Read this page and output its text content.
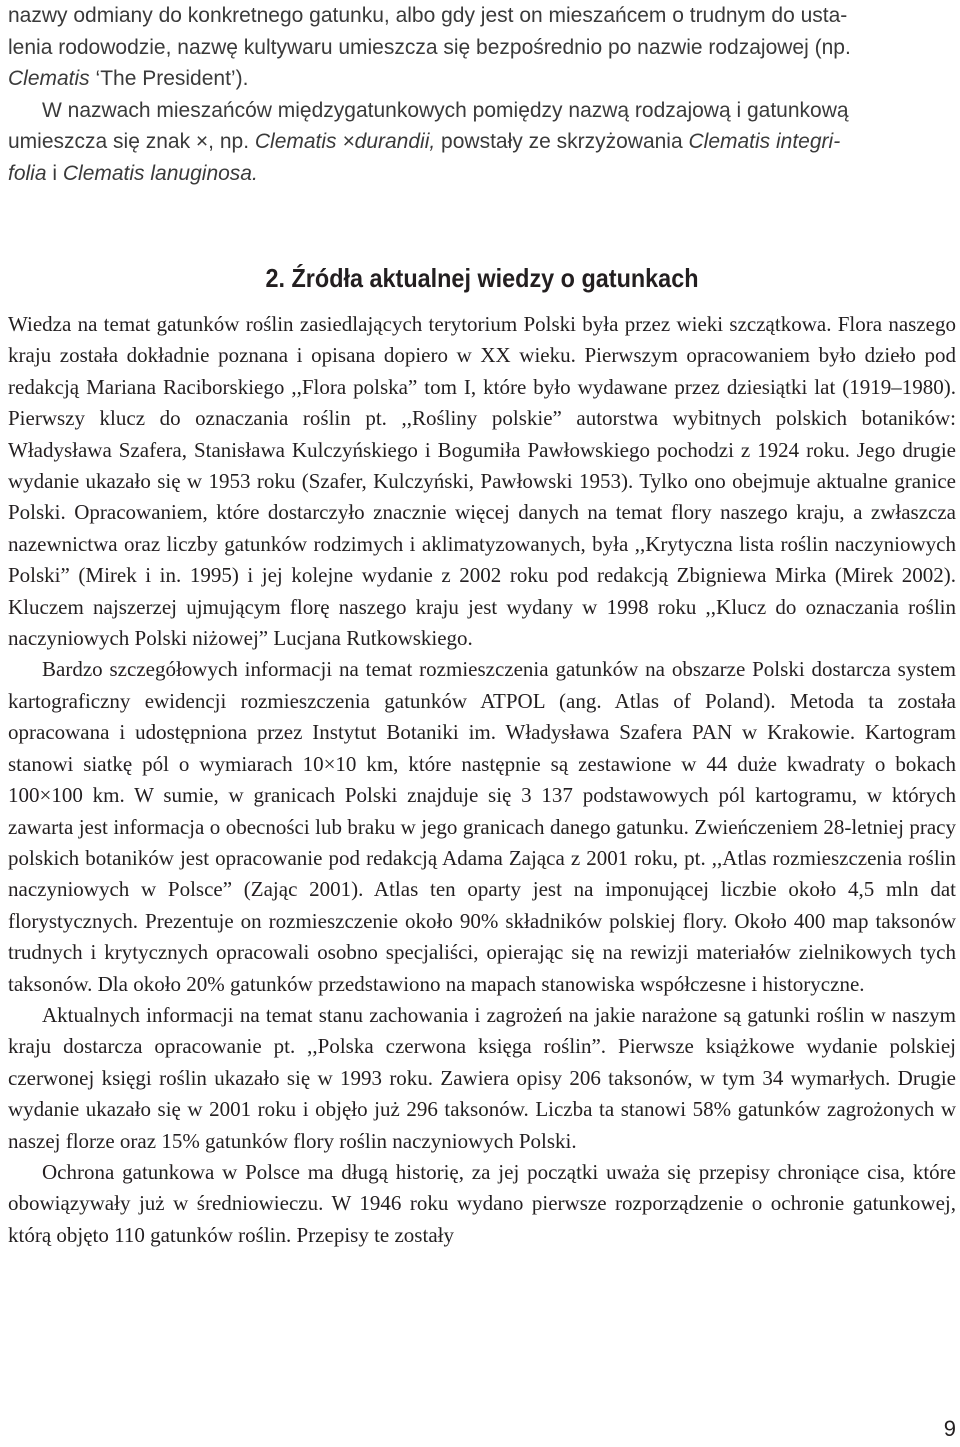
nazwy odmiany do konkretnego gatunku, albo gdy jest on mieszańcem o trudnym do usta-
lenia rodowodzie, nazwę kultywaru umieszcza się bezpośrednio po nazwie rodzajowej (np.
Clematis ‘The President’).
W nazwach mieszańców międzygatunkowych pomiędzy nazwą rodzajową i gatunkową
umieszcza się znak ×, np. Clematis ×durandii, powstały ze skrzyżowania Clematis integri-
folia i Clematis lanuginosa.

2. Źródła aktualnej wiedzy o gatunkach

Wiedza na temat gatunków roślin zasiedlających terytorium Polski była przez wieki szczątkowa. Flora naszego kraju została dokładnie poznana i opisana dopiero w XX wieku. Pierwszym opracowaniem było dzieło pod redakcją Mariana Raciborskiego ,,Flora polska” tom I, które było wydawane przez dziesiątki lat (1919–1980). Pierwszy klucz do oznaczania roślin pt. ,,Rośliny polskie” autorstwa wybitnych polskich botaników: Władysława Szafera, Stanisława Kulczyńskiego i Bogumiła Pawłowskiego pochodzi z 1924 roku. Jego drugie wydanie ukazało się w 1953 roku (Szafer, Kulczyński, Pawłowski 1953). Tylko ono obejmuje aktualne granice Polski. Opracowaniem, które dostarczyło znacznie więcej danych na temat flory naszego kraju, a zwłaszcza nazewnictwa oraz liczby gatunków rodzimych i aklimatyzowanych, była ,,Krytyczna lista roślin naczyniowych Polski” (Mirek i in. 1995) i jej kolejne wydanie z 2002 roku pod redakcją Zbigniewa Mirka (Mirek 2002). Kluczem najszerzej ujmującym florę naszego kraju jest wydany w 1998 roku ,,Klucz do oznaczania roślin naczyniowych Polski niżowej” Lucjana Rutkowskiego.

Bardzo szczegółowych informacji na temat rozmieszczenia gatunków na obszarze Polski dostarcza system kartograficzny ewidencji rozmieszczenia gatunków ATPOL (ang. Atlas of Poland). Metoda ta została opracowana i udostępniona przez Instytut Botaniki im. Władysława Szafera PAN w Krakowie. Kartogram stanowi siatkę pól o wymiarach 10×10 km, które następnie są zestawione w 44 duże kwadraty o bokach 100×100 km. W sumie, w granicach Polski znajduje się 3 137 podstawowych pól kartogramu, w których zawarta jest informacja o obecności lub braku w jego granicach danego gatunku. Zwieńczeniem 28-letniej pracy polskich botaników jest opracowanie pod redakcją Adama Zająca z 2001 roku, pt. ,,Atlas rozmieszczenia roślin naczyniowych w Polsce” (Zając 2001). Atlas ten oparty jest na imponującej liczbie około 4,5 mln dat florystycznych. Prezentuje on rozmieszczenie około 90% składników polskiej flory. Około 400 map taksonów trudnych i krytycznych opracowali osobno specjaliści, opierając się na rewizji materiałów zielnikowych tych taksonów. Dla około 20% gatunków przedstawiono na mapach stanowiska współczesne i historyczne.

Aktualnych informacji na temat stanu zachowania i zagrożeń na jakie narażone są gatunki roślin w naszym kraju dostarcza opracowanie pt. ,,Polska czerwona księga roślin”. Pierwsze książkowe wydanie polskiej czerwonej księgi roślin ukazało się w 1993 roku. Zawiera opisy 206 taksonów, w tym 34 wymarłych. Drugie wydanie ukazało się w 2001 roku i objęło już 296 taksonów. Liczba ta stanowi 58% gatunków zagrożonych w naszej florze oraz 15% gatunków flory roślin naczyniowych Polski.

Ochrona gatunkowa w Polsce ma długą historię, za jej początki uważa się przepisy chroniące cisa, które obowiązywały już w średniowieczu. W 1946 roku wydano pierwsze rozporządzenie o ochronie gatunkowej, którą objęto 110 gatunków roślin. Przepisy te zostały

9
